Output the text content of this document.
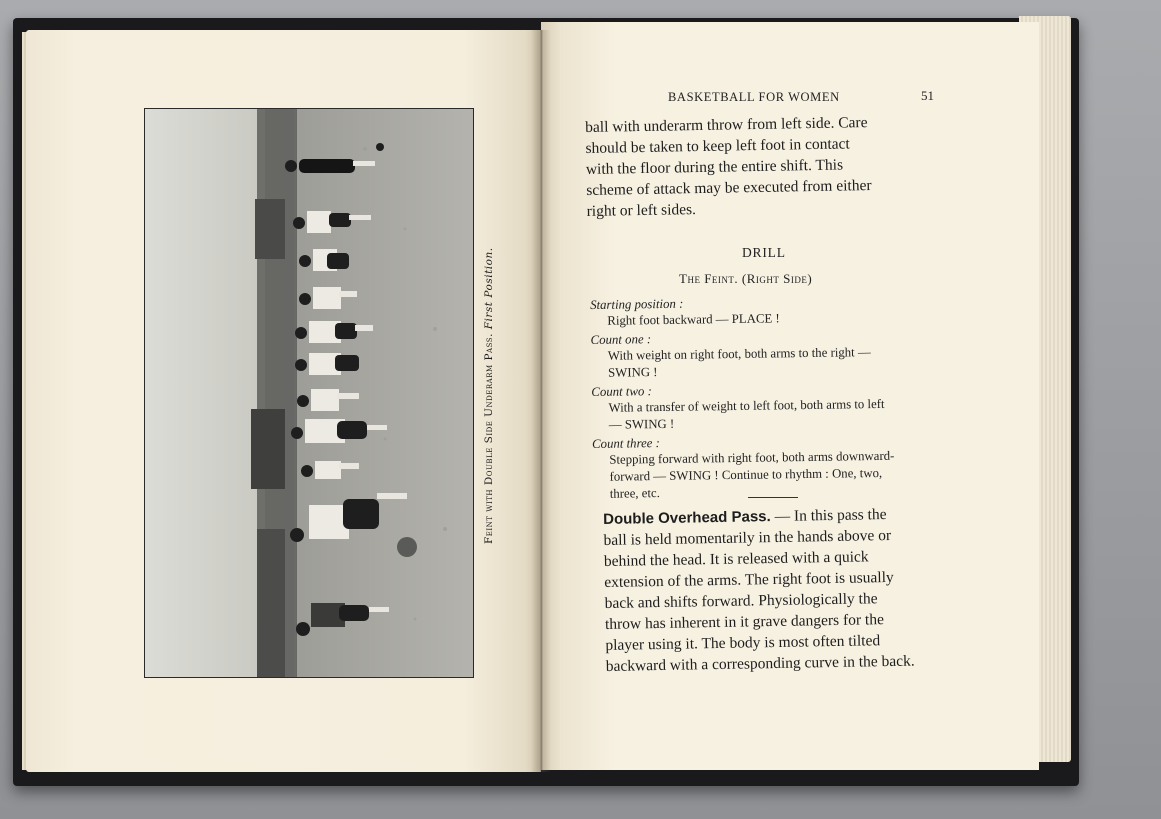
Feint with Double Side Underarm Pass. First Position.
BASKETBALL FOR WOMEN	51
ball with underarm throw from left side. Care
should be taken to keep left foot in contact
with the floor during the entire shift. This
scheme of attack may be executed from either
right or left sides.
DRILL
The Feint. (Right Side)
Starting position :
Right foot backward — PLACE !
Count one :
With weight on right foot, both arms to the right —
SWING !
Count two :
With a transfer of weight to left foot, both arms to left
— SWING !
Count three :
Stepping forward with right foot, both arms downward-
forward — SWING ! Continue to rhythm : One, two,
three, etc.
Double Overhead Pass. — In this pass the
ball is held momentarily in the hands above or
behind the head. It is released with a quick
extension of the arms. The right foot is usually
back and shifts forward. Physiologically the
throw has inherent in it grave dangers for the
player using it. The body is most often tilted
backward with a corresponding curve in the back.
